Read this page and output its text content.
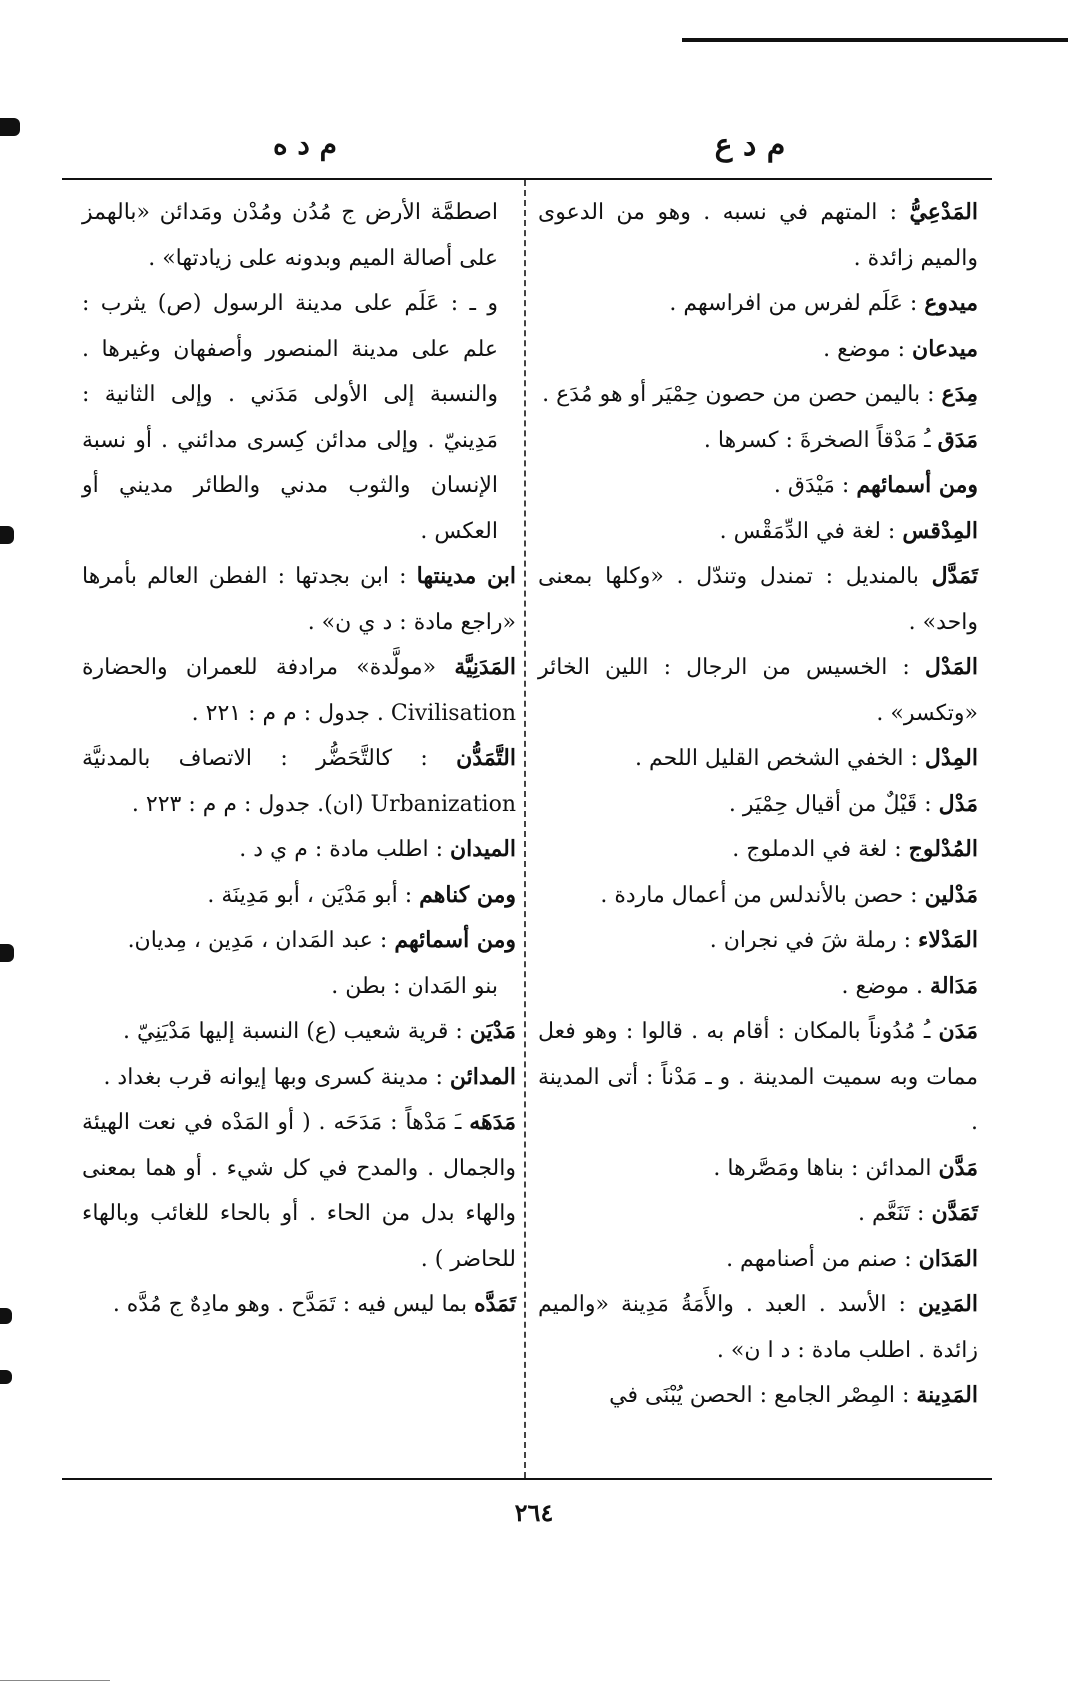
م د ع
م د ه

المَدْعِيُّ : المتهم في نسبه . وهو من الدعوى والميم زائدة .

ميدوع : عَلَم لفرس من افراسهم .

ميدعان : موضع .

مِدَع : باليمن حصن من حصون حِمْيَر أو هو مُدَع .

مَدَق ـُ مَدْقاً الصخرةَ : كسرها .

ومن أسمائهم : مَيْدَق .

المِدْقس : لغة في الدِّمَقْس .

تَمَدَّل بالمنديل : تمندل وتندّل . «وكلها بمعنى واحد» .

المَدْل : الخسيس من الرجال : اللين الخائر «وتكسر» .

المِدْل : الخفي الشخص القليل اللحم .

مَدْل : قَيْلٌ من أقيال حِمْيَر .

المُدْلوج : لغة في الدملوج .

مَدْلين : حصن بالأندلس من أعمال ماردة .

المَدْلاء : رملة شَ في نجران .

مَدَالة . موضع .

مَدَن ـُ مُدُوناً بالمكان : أقام به . قالوا : وهو فعل ممات وبه سميت المدينة . و ـ مَدْناً : أتى المدينة .

مَدَّن المدائن : بناها ومَصَّرها .

تَمَدَّن : تَنَعَّم .

المَدَان : صنم من أصنامهم .

المَدِين : الأسد . العبد . والأَمَةُ مَدِينة «والميم زائدة . اطلب مادة : د ا ن» .

المَدِينة : المِصْر الجامع : الحصن يُبْنَى في

اصطمَّة الأرض ج مُدُن ومُدْن ومَدائن «بالهمز على أصالة الميم وبدونه على زيادتها» .

و ـ : عَلَم على مدينة الرسول (ص) يثرب : علم على مدينة المنصور وأصفهان وغيرها . والنسبة إلى الأولى مَدَني . وإلى الثانية : مَدِينيّ . وإلى مدائن كِسرى مدائني . أو نسبة الإنسان والثوب مدني والطائر مديني أو العكس .

ابن مدينتها : ابن بجدتها : الفطن العالم بأمرها «راجع مادة : د ي ن» .

المَدَنِيَّة «مولَّدة» مرادفة للعمران والحضارة Civilisation . جدول : م م : ٢٢١ .

التَّمَدُّن : كالتَّحَضُّر : الاتصاف بالمدنيَّة Urbanization (ان). جدول : م م : ٢٢٣ .

الميدان : اطلب مادة : م ي د .

ومن كناهم : أبو مَدْيَن ، أبو مَدِينَة .

ومن أسمائهم : عبد المَدان ، مَدِين ، مِديان.

بنو المَدان : بطن .

مَدْيَن : قرية شعيب (ع) النسبة إليها مَدْيَنِيّ .

المدائن : مدينة كسرى وبها إيوانه قرب بغداد .

مَدَهَه ـَ مَدْهاً : مَدَحَه . ( أو المَدْه في نعت الهيئة والجمال . والمدح في كل شيء . أو هما بمعنى والهاء بدل من الحاء . أو بالحاء للغائب وبالهاء للحاضر ) .

تَمَدَّه بما ليس فيه : تَمَدَّح . وهو مادِهٌ ج مُدَّه .

٢٦٤
